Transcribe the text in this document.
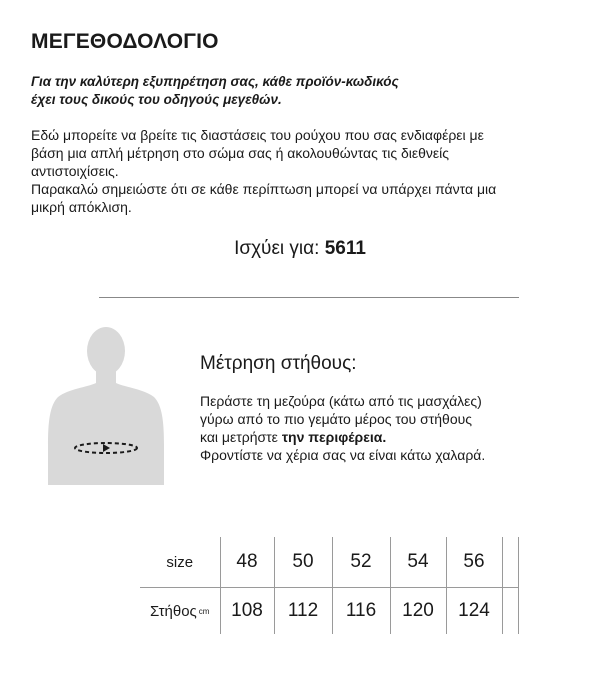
ΜΕΓΕΘΟΔΟΛΟΓΙΟ
Για την καλύτερη εξυπηρέτηση σας, κάθε προϊόν-κωδικός
έχει τους δικούς του οδηγούς μεγεθών.
Εδώ μπορείτε να βρείτε τις διαστάσεις του ρούχου που σας ενδιαφέρει με
βάση μια απλή μέτρηση στο σώμα σας ή ακολουθώντας τις διεθνείς
αντιστοιχίσεις.
Παρακαλώ σημειώστε ότι σε κάθε περίπτωση μπορεί να υπάρχει πάντα μια
μικρή απόκλιση.
Ισχύει για: 5611
Μέτρηση στήθους:
Περάστε τη μεζούρα (κάτω από τις μασχάλες)
γύρω από το πιο γεμάτο μέρος του στήθους
και μετρήστε την περιφέρεια.
Φροντίστε να χέρια σας να είναι κάτω χαλαρά.
size	48	50	52	54	56	
Στήθος cm	108	112	116	120	124	
